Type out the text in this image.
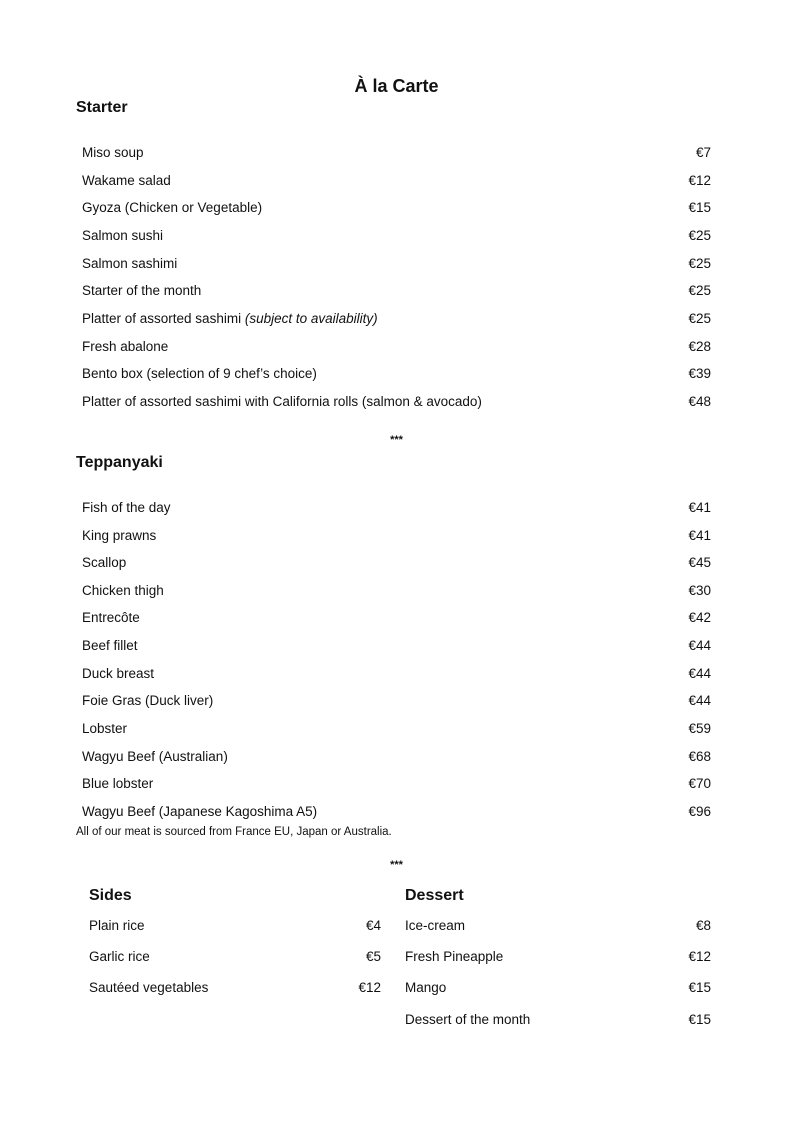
À la Carte
Starter
Miso soup	€7
Wakame salad	€12
Gyoza (Chicken or Vegetable)	€15
Salmon sushi	€25
Salmon sashimi	€25
Starter of the month	€25
Platter of assorted sashimi (subject to availability)	€25
Fresh abalone	€28
Bento box (selection of 9 chef’s choice)	€39
Platter of assorted sashimi with California rolls (salmon & avocado)	€48
***
Teppanyaki
Fish of the day	€41
King prawns	€41
Scallop	€45
Chicken thigh	€30
Entrecôte	€42
Beef fillet	€44
Duck breast	€44
Foie Gras (Duck liver)	€44
Lobster	€59
Wagyu Beef (Australian)	€68
Blue lobster	€70
Wagyu Beef (Japanese Kagoshima A5)	€96
All of our meat is sourced from France EU, Japan or Australia.
***
Sides
Plain rice	€4
Garlic rice	€5
Sautéed vegetables	€12
Dessert
Ice-cream	€8
Fresh Pineapple	€12
Mango	€15
Dessert of the month	€15
